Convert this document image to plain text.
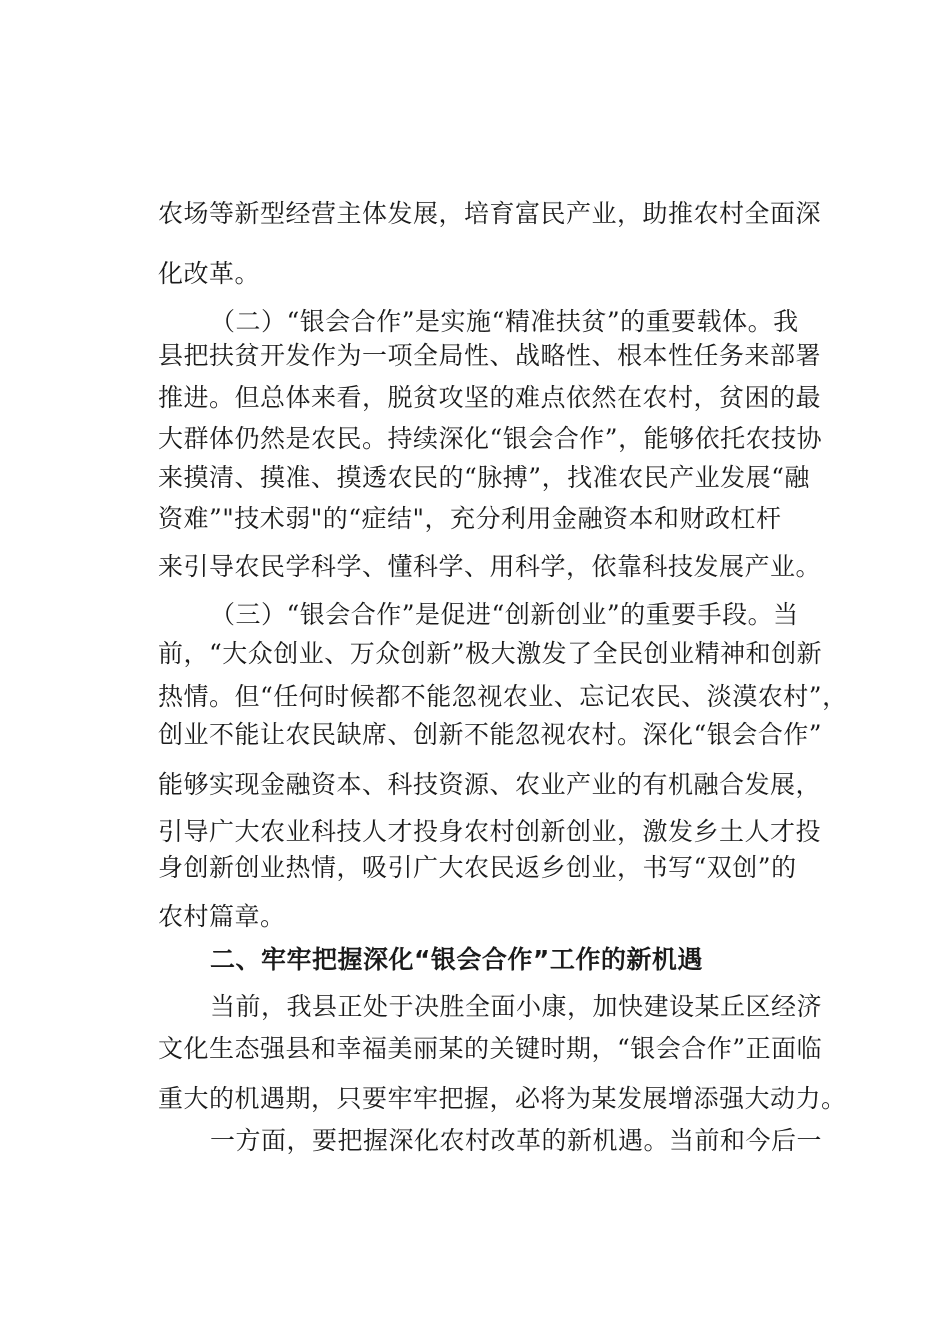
农场等新型经营主体发展，培育富民产业，助推农村全面深
化改革。
（二）“银会合作”是实施“精准扶贫”的重要载体。我
县把扶贫开发作为一项全局性、战略性、根本性任务来部署
推进。但总体来看，脱贫攻坚的难点依然在农村，贫困的最
大群体仍然是农民。持续深化“银会合作”，能够依托农技协
来摸清、摸准、摸透农民的“脉搏”，找准农民产业发展“融
资难”"技术弱"的“症结"，充分利用金融资本和财政杠杆
来引导农民学科学、懂科学、用科学，依靠科技发展产业。
（三）“银会合作”是促进“创新创业”的重要手段。当
前，“大众创业、万众创新”极大激发了全民创业精神和创新
热情。但“任何时候都不能忽视农业、忘记农民、淡漠农村”，
创业不能让农民缺席、创新不能忽视农村。深化“银会合作”
能够实现金融资本、科技资源、农业产业的有机融合发展，
引导广大农业科技人才投身农村创新创业，激发乡土人才投
身创新创业热情，吸引广大农民返乡创业，书写“双创”的
农村篇章。
二、牢牢把握深化“银会合作”工作的新机遇
当前，我县正处于决胜全面小康，加快建设某丘区经济
文化生态强县和幸福美丽某的关键时期，“银会合作”正面临
重大的机遇期，只要牢牢把握，必将为某发展增添强大动力。
一方面，要把握深化农村改革的新机遇。当前和今后一
